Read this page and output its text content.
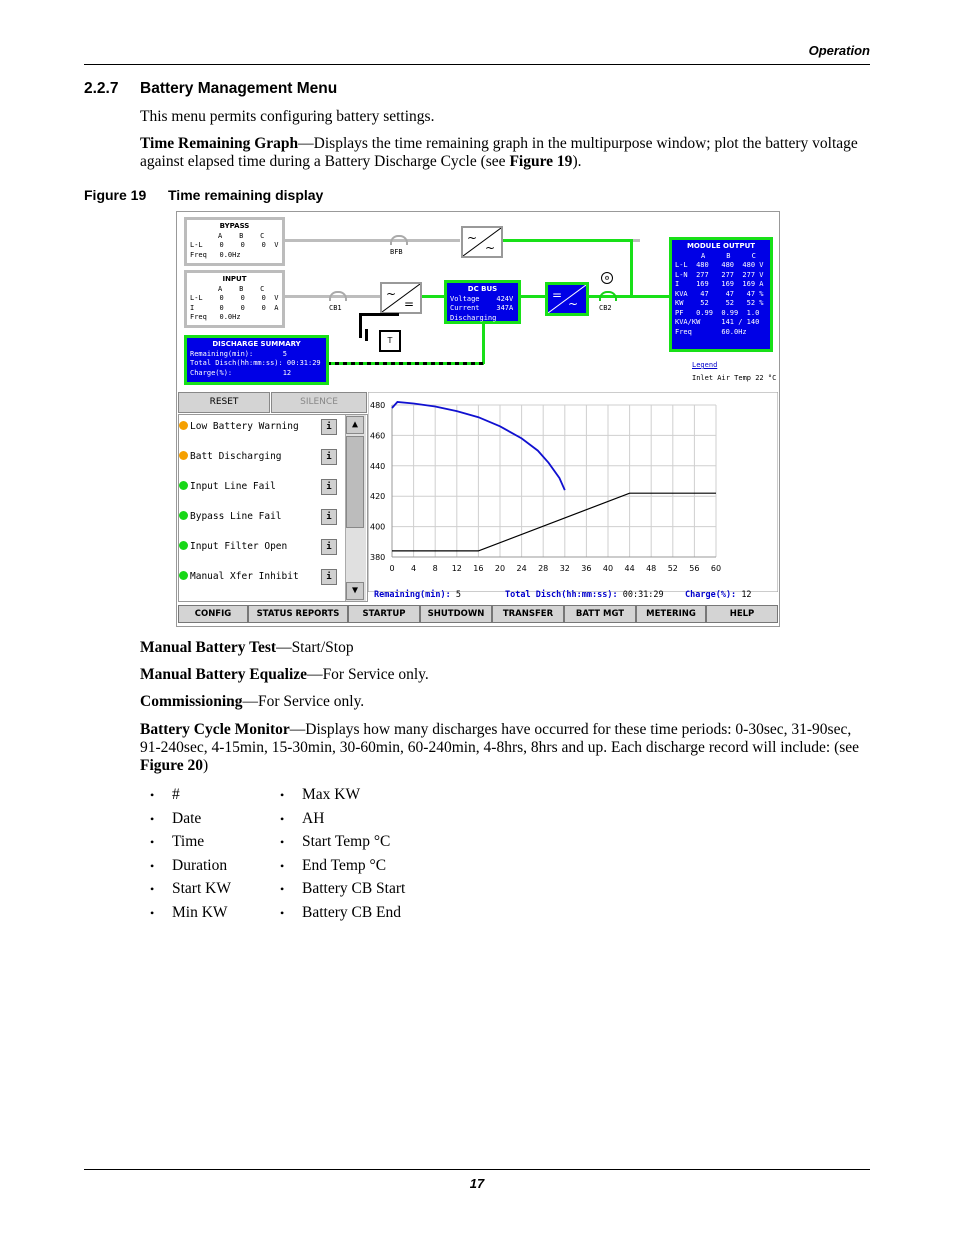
Operation
2.2.7 Battery Management Menu
This menu permits configuring battery settings.
Time Remaining Graph—Displays the time remaining graph in the multipurpose window; plot the battery voltage against elapsed time during a Battery Discharge Cycle (see Figure 19).
Figure 19 Time remaining display
BFB
CB1	CB2
⚙
~
~
~
=
=
~
T
BYPASS
A    B    C
L-L    0    0    0  V
Freq   0.0Hz
INPUT
A    B    C
L-L    0    0    0  V
I      0    0    0  A
Freq   0.0Hz
DISCHARGE SUMMARY
Remaining(min):       5
Total Disch(hh:mm:ss): 00:31:29
Charge(%):            12
DC BUS
Voltage    424V
Current    347A
Discharging
MODULE OUTPUT
A     B     C
L-L  480   480  480 V
L-N  277   277  277 V
I    169   169  169 A
KVA   47    47   47 %
KW    52    52   52 %
PF   0.99  0.99  1.0
KVA/KW     141 / 140
Freq       60.0Hz
Legend
Inlet Air Temp 22 °C
RESET	SILENCE
Low Battery Warning
Batt Discharging
Input Line Fail
Bypass Line Fail
Input Filter Open
Manual Xfer Inhibit
i
i
i
i
i
i
▲
▼
0 4 8 12 16 20 24 28 32 36 40 44 48 52 56 60
380
400
420
440
460
480
Remaining(min): 5	Total Disch(hh:mm:ss): 00:31:29	Charge(%): 12
CONFIG	STATUS REPORTS	STARTUP	SHUTDOWN	TRANSFER	BATT MGT	METERING	HELP
Manual Battery Test—Start/Stop
Manual Battery Equalize—For Service only.
Commissioning—For Service only.
Battery Cycle Monitor—Displays how many discharges have occurred for these time periods: 0-30sec, 31-90sec, 91-240sec, 4-15min, 15-30min, 30-60min, 60-240min, 4-8hrs, 8hrs and up. Each discharge record will include: (see Figure 20)
• #
• Date
• Time
• Duration
• Start KW
• Min KW
• Max KW
• AH
• Start Temp °C
• End Temp °C
• Battery CB Start
• Battery CB End
17
